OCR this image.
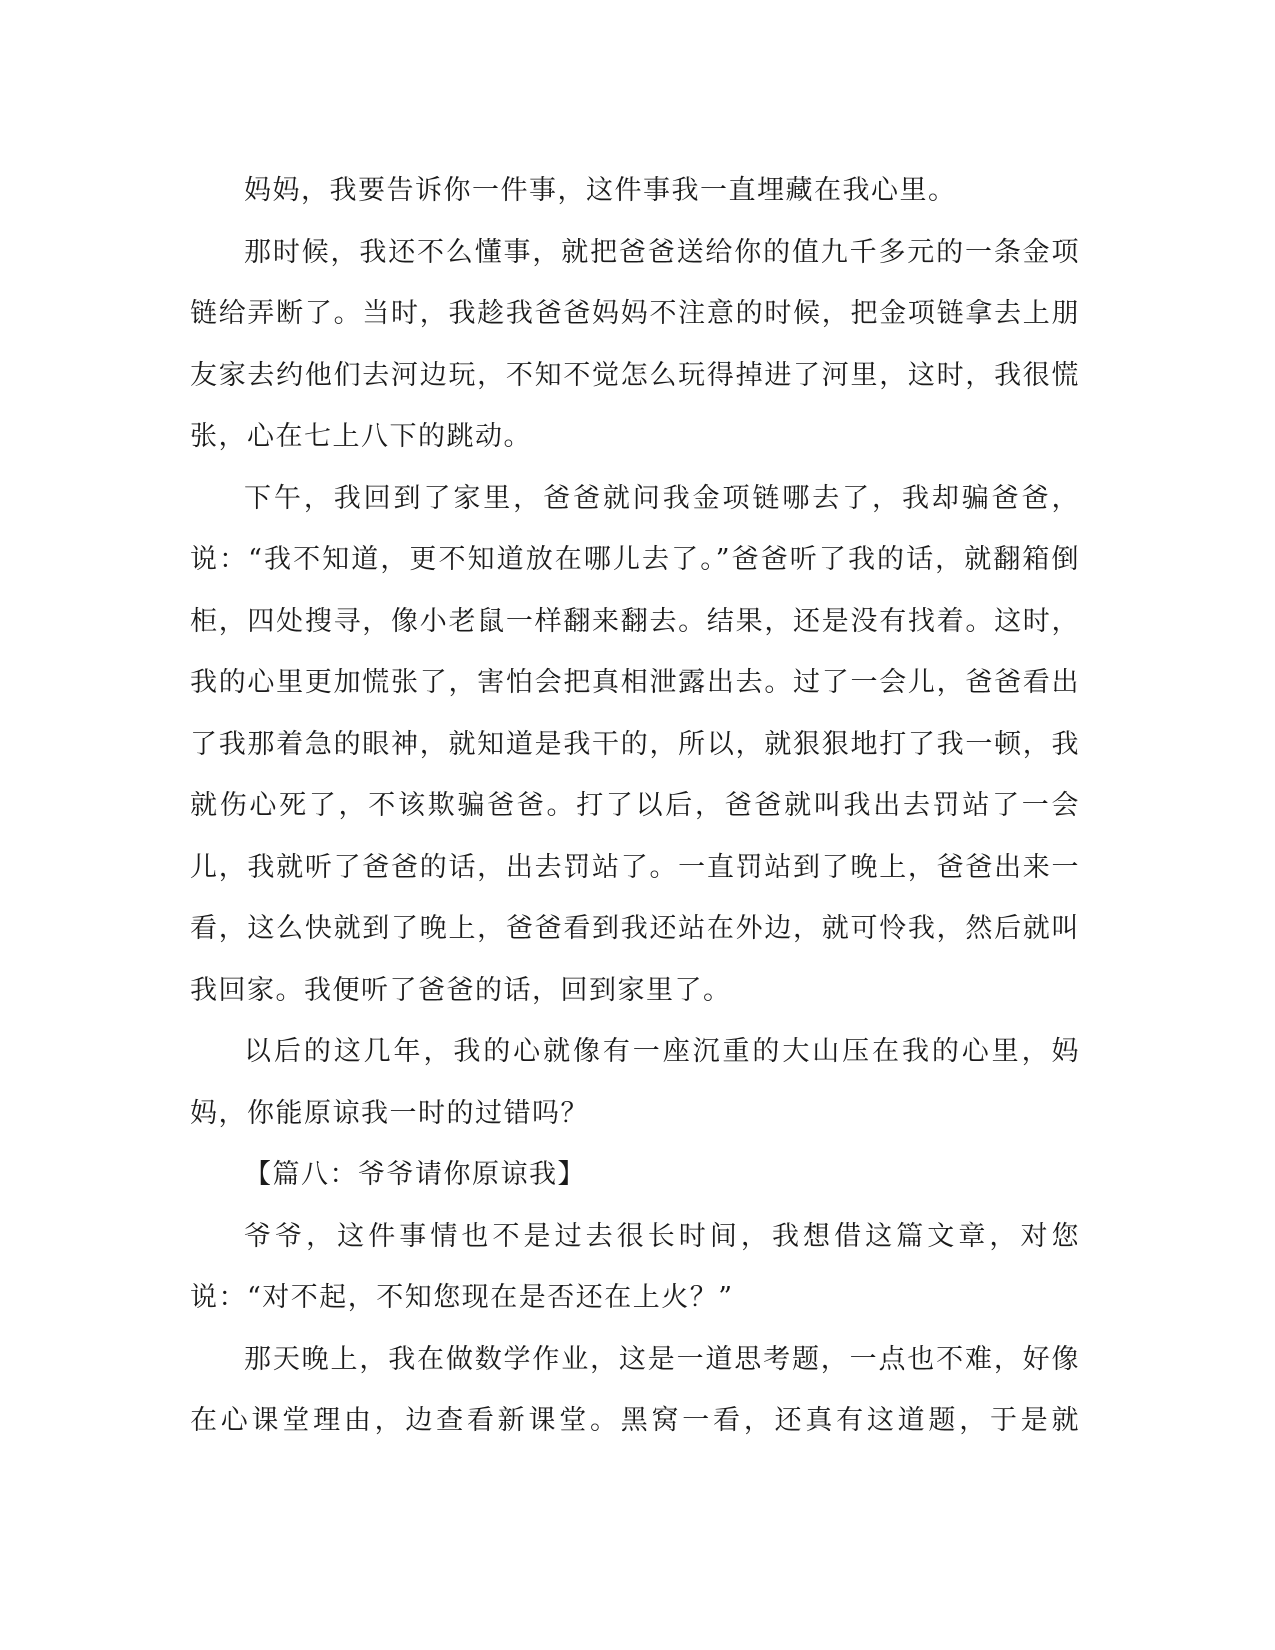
妈妈，我要告诉你一件事，这件事我一直埋藏在我心里。

那时候，我还不么懂事，就把爸爸送给你的值九千多元的一条金项链给弄断了。当时，我趁我爸爸妈妈不注意的时候，把金项链拿去上朋友家去约他们去河边玩，不知不觉怎么玩得掉进了河里，这时，我很慌张，心在七上八下的跳动。

下午，我回到了家里，爸爸就问我金项链哪去了，我却骗爸爸，说：“我不知道，更不知道放在哪儿去了。”爸爸听了我的话，就翻箱倒柜，四处搜寻，像小老鼠一样翻来翻去。结果，还是没有找着。这时，我的心里更加慌张了，害怕会把真相泄露出去。过了一会儿，爸爸看出了我那着急的眼神，就知道是我干的，所以，就狠狠地打了我一顿，我就伤心死了，不该欺骗爸爸。打了以后，爸爸就叫我出去罚站了一会儿，我就听了爸爸的话，出去罚站了。一直罚站到了晚上，爸爸出来一看，这么快就到了晚上，爸爸看到我还站在外边，就可怜我，然后就叫我回家。我便听了爸爸的话，回到家里了。

以后的这几年，我的心就像有一座沉重的大山压在我的心里，妈妈，你能原谅我一时的过错吗？

【篇八：爷爷请你原谅我】

爷爷，这件事情也不是过去很长时间，我想借这篇文章，对您说：“对不起，不知您现在是否还在上火？”

那天晚上，我在做数学作业，这是一道思考题，一点也不难，好像在心课堂理由，边查看新课堂。黑窝一看，还真有这道题，于是就
